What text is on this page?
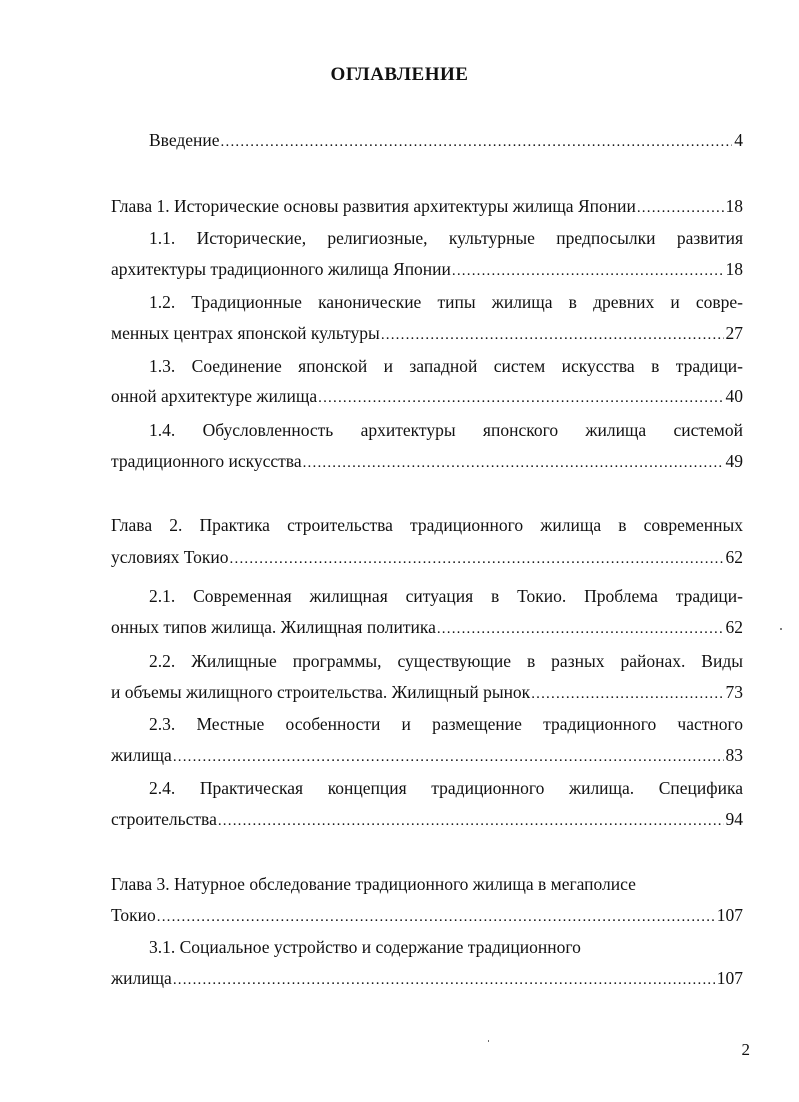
ОГЛАВЛЕНИЕ
Введение .....	4
Глава 1. Исторические основы развития архитектуры жилища Японии .....	18
1.1. Исторические, религиозные, культурные предпосылки развития
архитектуры традиционного жилища Японии .....	18
1.2. Традиционные канонические типы жилища в древних и совре-
менных центрах японской культуры .....	27
1.3. Соединение японской и западной систем искусства в традици-
онной архитектуре жилища .....	40
1.4. Обусловленность архитектуры японского жилища системой
традиционного искусства .....	49
Глава 2. Практика строительства традиционного жилища в современных
условиях Токио .....	62
2.1. Современная жилищная ситуация в Токио. Проблема традици-
онных типов жилища. Жилищная политика .....	62
2.2. Жилищные программы, существующие в разных районах. Виды
и объемы жилищного строительства. Жилищный рынок .....	73
2.3. Местные особенности и размещение традиционного частного
жилища .....	83
2.4. Практическая концепция традиционного жилища. Специфика
строительства .....	94
Глава 3. Натурное обследование традиционного жилища в мегаполисе
Токио .....	107
3.1. Социальное устройство и содержание традиционного
жилища .....	107
2
